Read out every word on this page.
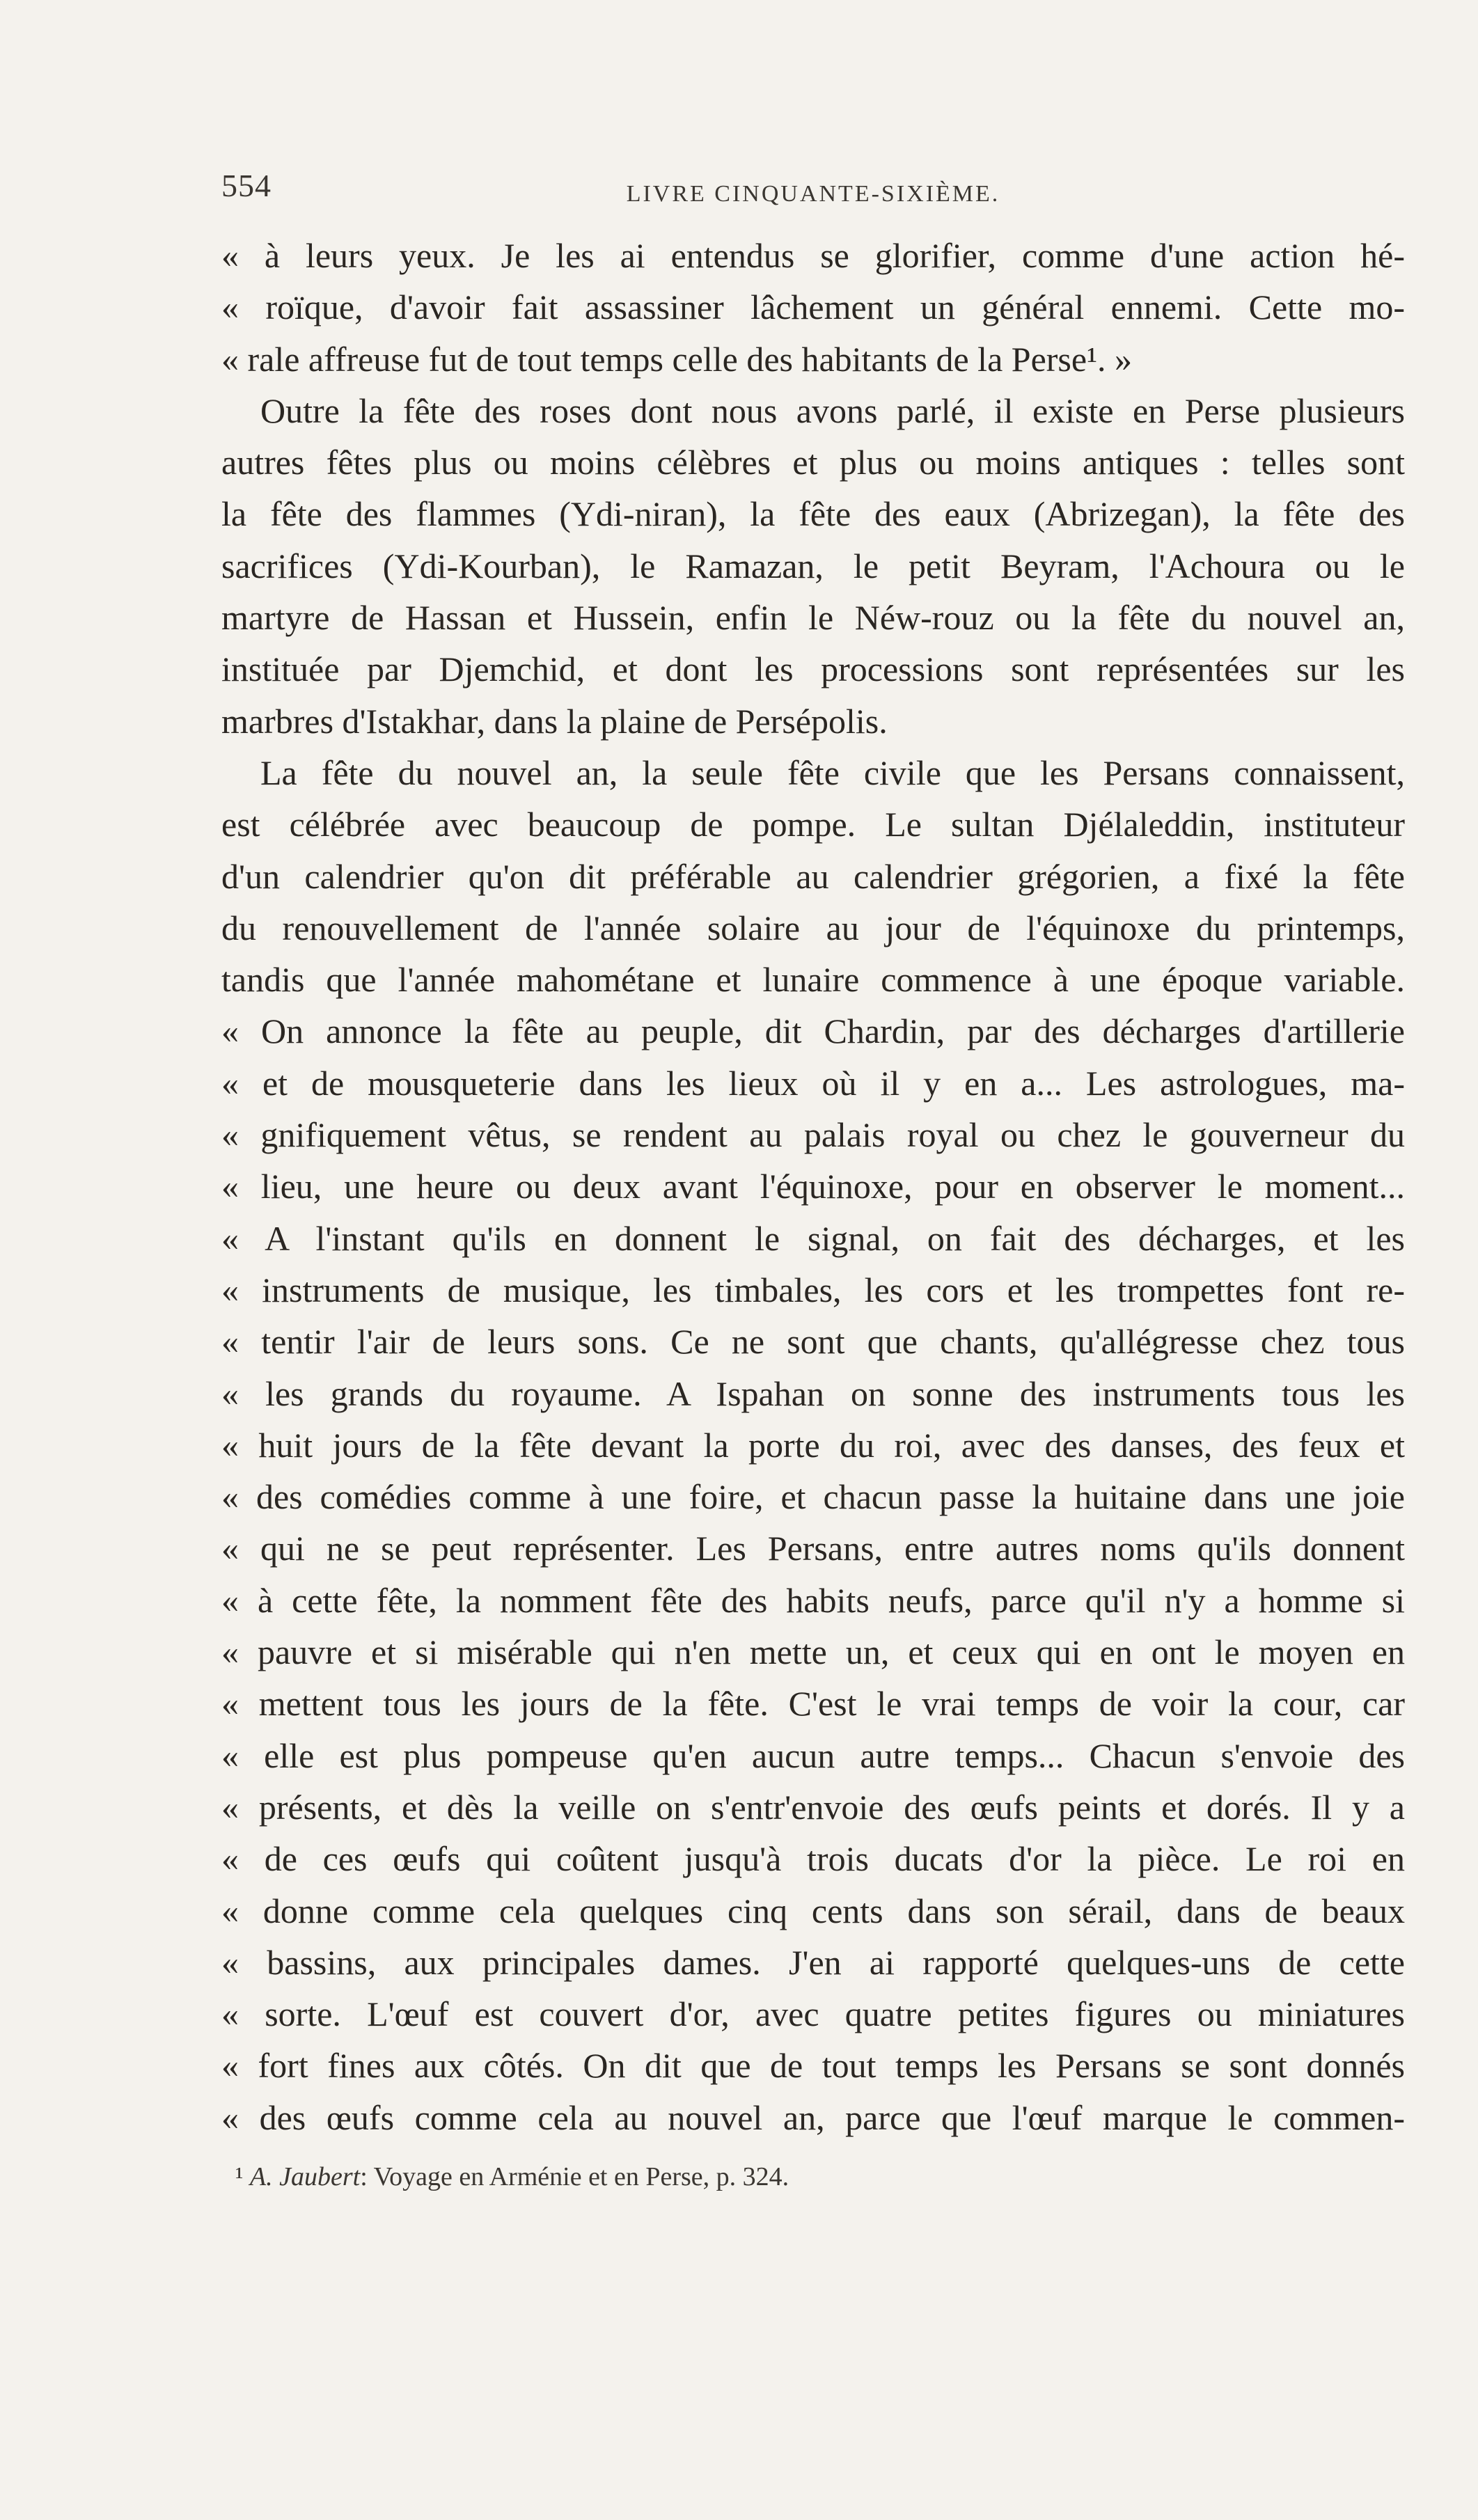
554	LIVRE CINQUANTE-SIXIÈME.
« à leurs yeux. Je les ai entendus se glorifier, comme d'une action hé-
« roïque, d'avoir fait assassiner lâchement un général ennemi. Cette mo-
« rale affreuse fut de tout temps celle des habitants de la Perse¹. »
Outre la fête des roses dont nous avons parlé, il existe en Perse plusieurs
autres fêtes plus ou moins célèbres et plus ou moins antiques : telles sont
la fête des flammes (Ydi-niran), la fête des eaux (Abrizegan), la fête des
sacrifices (Ydi-Kourban), le Ramazan, le petit Beyram, l'Achoura ou le
martyre de Hassan et Hussein, enfin le Néw-rouz ou la fête du nouvel an,
instituée par Djemchid, et dont les processions sont représentées sur les
marbres d'Istakhar, dans la plaine de Persépolis.
La fête du nouvel an, la seule fête civile que les Persans connaissent,
est célébrée avec beaucoup de pompe. Le sultan Djélaleddin, instituteur
d'un calendrier qu'on dit préférable au calendrier grégorien, a fixé la fête
du renouvellement de l'année solaire au jour de l'équinoxe du printemps,
tandis que l'année mahométane et lunaire commence à une époque variable.
« On annonce la fête au peuple, dit Chardin, par des décharges d'artillerie
« et de mousqueterie dans les lieux où il y en a... Les astrologues, ma-
« gnifiquement vêtus, se rendent au palais royal ou chez le gouverneur du
« lieu, une heure ou deux avant l'équinoxe, pour en observer le moment...
« A l'instant qu'ils en donnent le signal, on fait des décharges, et les
« instruments de musique, les timbales, les cors et les trompettes font re-
« tentir l'air de leurs sons. Ce ne sont que chants, qu'allégresse chez tous
« les grands du royaume. A Ispahan on sonne des instruments tous les
« huit jours de la fête devant la porte du roi, avec des danses, des feux et
« des comédies comme à une foire, et chacun passe la huitaine dans une joie
« qui ne se peut représenter. Les Persans, entre autres noms qu'ils donnent
« à cette fête, la nomment fête des habits neufs, parce qu'il n'y a homme si
« pauvre et si misérable qui n'en mette un, et ceux qui en ont le moyen en
« mettent tous les jours de la fête. C'est le vrai temps de voir la cour, car
« elle est plus pompeuse qu'en aucun autre temps... Chacun s'envoie des
« présents, et dès la veille on s'entr'envoie des œufs peints et dorés. Il y a
« de ces œufs qui coûtent jusqu'à trois ducats d'or la pièce. Le roi en
« donne comme cela quelques cinq cents dans son sérail, dans de beaux
« bassins, aux principales dames. J'en ai rapporté quelques-uns de cette
« sorte. L'œuf est couvert d'or, avec quatre petites figures ou miniatures
« fort fines aux côtés. On dit que de tout temps les Persans se sont donnés
« des œufs comme cela au nouvel an, parce que l'œuf marque le commen-
¹ A. Jaubert: Voyage en Arménie et en Perse, p. 324.
